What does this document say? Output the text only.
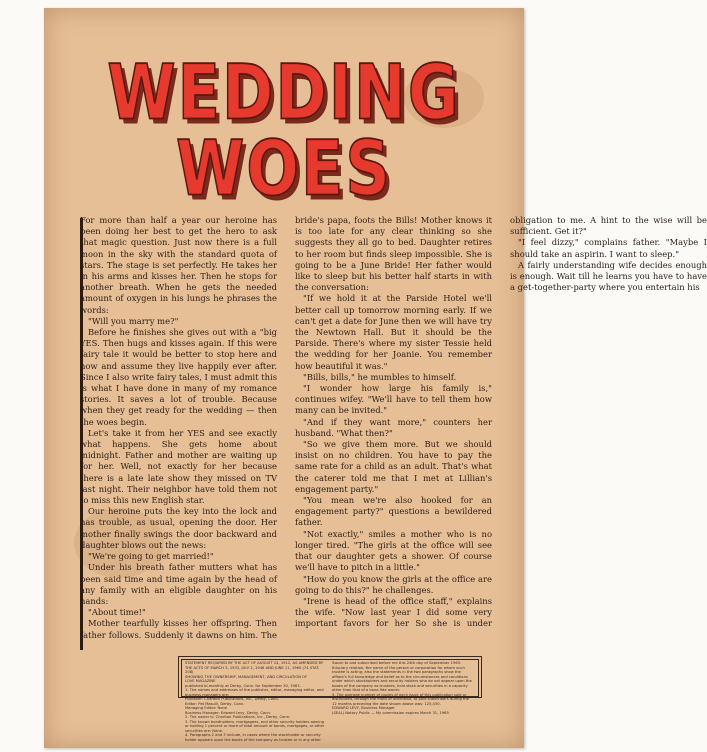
WEDDING
WOES

For more than half a year our heroine has been doing her best to get the hero to ask that magic question. Just now there is a full moon in the sky with the standard quota of stars. The stage is set perfectly. He takes her in his arms and kisses her. Then he stops for another breath. When he gets the needed amount of oxygen in his lungs he phrases the words:

"Will you marry me?"

Before he finishes she gives out with a "big YES. Then hugs and kisses again. If this were fairy tale it would be better to stop here and now and assume they live happily ever after. Since I also write fairy tales, I must admit this is what I have done in many of my romance stories. It saves a lot of trouble. Because when they get ready for the wedding — then the woes begin.

Let's take it from her YES and see exactly what happens. She gets home about midnight. Father and mother are waiting up for her. Well, not exactly for her because there is a late late show they missed on TV last night. Their neighbor have told them not to miss this new English star.

Our heroine puts the key into the lock and has trouble, as usual, opening the door. Her mother finally swings the door backward and daughter blows out the news:

"We're going to get married!"

Under his breath father mutters what has been said time and time again by the head of any family with an eligible daughter on his hands:

"About time!"

Mother tearfully kisses her offspring. Then father follows. Suddenly it dawns on him. The bride's papa, foots the Bills! Mother knows it is too late for any clear thinking so she suggests they all go to bed. Daughter retires to her room but finds sleep impossible. She is going to be a June Bride! Her father would like to sleep but his better half starts in with the conversation:

"If we hold it at the Parside Hotel we'll better call up tomorrow morning early. If we can't get a date for June then we will have try the Newtown Hall. But it should be the Parside. There's where my sister Tessie held the wedding for her Joanie. You remember how beautiful it was."

"Bills, bills," he mumbles to himself.

"I wonder how large his family is," continues wifey. "We'll have to tell them how many can be invited."

"And if they want more," counters her husband. "What then?"

"So we give them more. But we should insist on no children. You have to pay the same rate for a child as an adult. That's what the caterer told me that I met at Lillian's engagement party."

"You mean we're also hooked for an engagement party?" questions a bewildered father.

"Not exactly," smiles a mother who is no longer tired. "The girls at the office will see that our daughter gets a shower. Of course we'll have to pitch in a little."

"How do you know the girls at the office are going to do this?" he challenges.

"Irene is head of the office staff," explains the wife. "Now last year I did some very important favors for her So she is under obligation to me. A hint to the wise will be sufficient. Get it?"

"I feel dizzy," complains father. "Maybe I should take an aspirin. I want to sleep."

A fairly understanding wife decides enough is enough. Wait till he learns you have to have a get-together-party where you entertain his

STATEMENT REQUIRED BY THE ACT OF AUGUST 24, 1912, AS AMENDED BY
THE ACTS OF MARCH 3, 1933, JULY 2, 1946 AND JUNE 11, 1960 (74 STAT. 208)
SHOWING THE OWNERSHIP, MANAGEMENT, AND CIRCULATION OF
LOVE MAGAZINE
published bi-monthly at Derby, Conn. for September 30, 1963.
1. The names and addresses of the publisher, editor, managing editor, and business managers are:
Publisher: Charlton Publications, Inc., Derby, Conn.
Editor: Pat Masulli, Derby, Conn.
Managing Editor: None
Business Manager: Edward Levy, Derby, Conn.
2. The owner is: Charlton Publications, Inc., Derby, Conn.
3. The known bondholders, mortgagees, and other security holders owning
or holding 1 percent or more of total amount of bonds, mortgages, or other
securities are: None.
4. Paragraphs 2 and 3 include, in cases where the stockholder or security
holder appears upon the books of the company as trustee or in any other
Sworn to and subscribed before me this 24th day of September 1963.
fiduciary relation, the name of the person or corporation for whom such
trustee is acting; also the statements in the two paragraphs show the
affiant's full knowledge and belief as to the circumstances and conditions
under which stockholders and security holders who do not appear upon the
books of the company as trustees, hold stock and securities in a capacity
other than that of a bona fide owner.
5. The average number of copies of each issue of this publication sold or
distributed, through the mails or otherwise, to paid subscribers during the
12 months preceding the date shown above was: 125,430.
EDWARD LEVY, Business Manager
(SEAL) Notary Public — My commission expires March 31, 1965
